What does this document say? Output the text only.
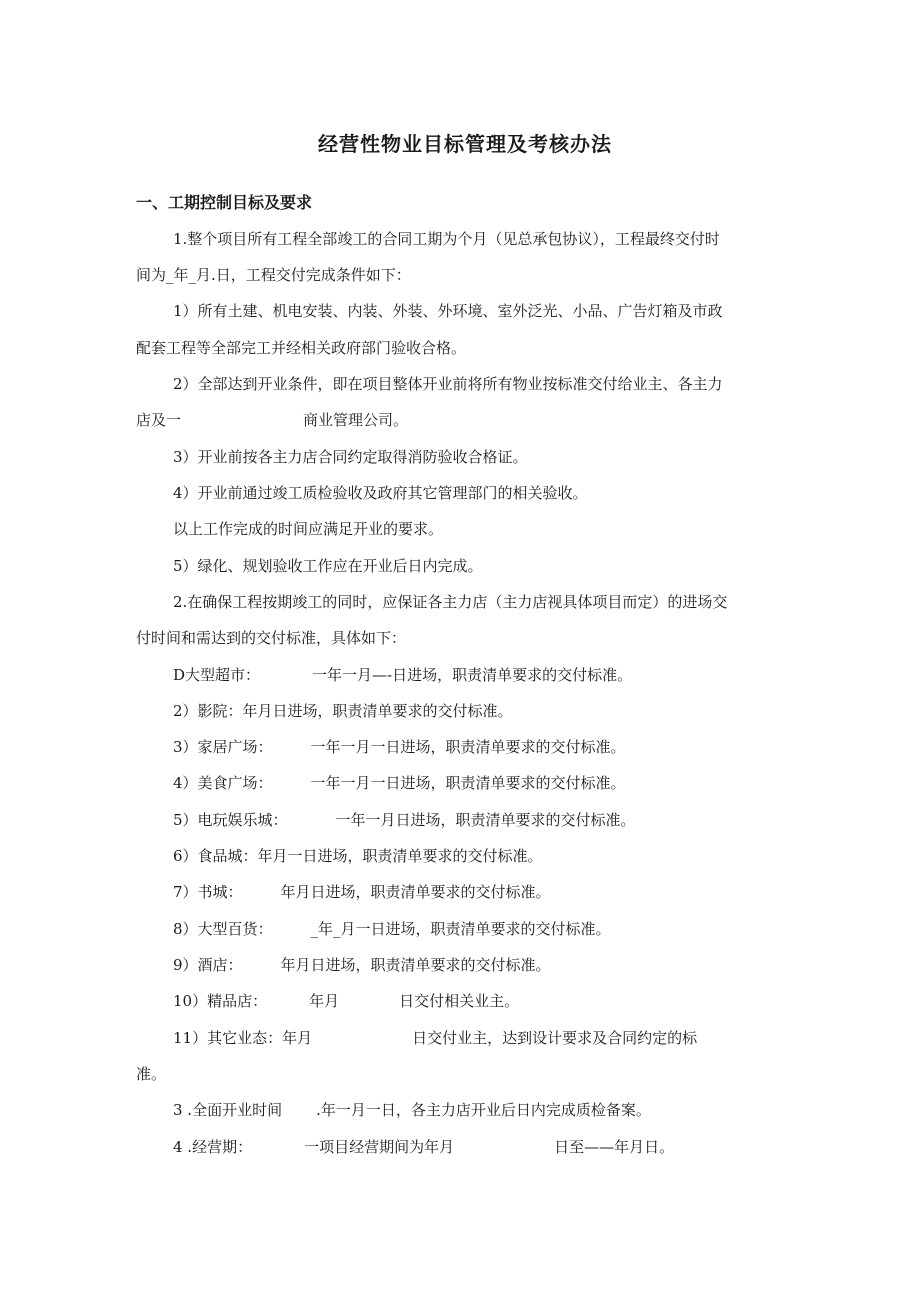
经营性物业目标管理及考核办法
一、工期控制目标及要求
1.整个项目所有工程全部竣工的合同工期为个月（见总承包协议），工程最终交付时
间为_年_月.日，工程交付完成条件如下：
1）所有土建、机电安装、内装、外装、外环境、室外泛光、小品、广告灯箱及市政
配套工程等全部完工并经相关政府部门验收合格。
2）全部达到开业条件，即在项目整体开业前将所有物业按标准交付给业主、各主力
店及一	商业管理公司。
3）开业前按各主力店合同约定取得消防验收合格证。
4）开业前通过竣工质检验收及政府其它管理部门的相关验收。
以上工作完成的时间应满足开业的要求。
5）绿化、规划验收工作应在开业后日内完成。
2.在确保工程按期竣工的同时，应保证各主力店（主力店视具体项目而定）的进场交
付时间和需达到的交付标准，具体如下：
D大型超市：	一年一月—-日进场，职责清单要求的交付标准。
2）影院：年月日进场，职责清单要求的交付标准。
3）家居广场：	一年一月一日进场，职责清单要求的交付标准。
4）美食广场：	一年一月一日进场，职责清单要求的交付标准。
5）电玩娱乐城：	一年一月日进场，职责清单要求的交付标准。
6）食品城：年月一日进场，职责清单要求的交付标准。
7）书城：	年月日进场，职责清单要求的交付标准。
8）大型百货：	_年_月一日进场，职责清单要求的交付标准。
9）酒店：	年月日进场，职责清单要求的交付标准。
10）精品店：	年月	日交付相关业主。
11）其它业态：年月	日交付业主，达到设计要求及合同约定的标
准。
3 .全面开业时间 .年一月一日，各主力店开业后日内完成质检备案。
4 .经营期：	一项目经营期间为年月	日至——年月日。
